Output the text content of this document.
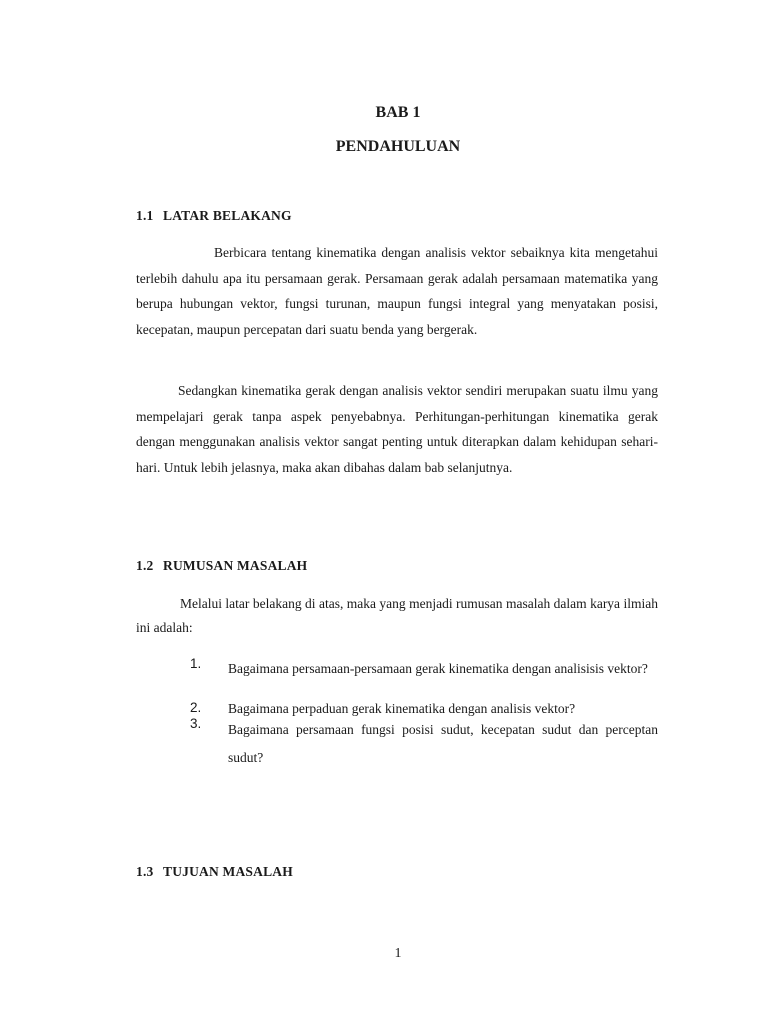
BAB 1
PENDAHULUAN
1.1 LATAR BELAKANG

Berbicara tentang kinematika dengan analisis vektor sebaiknya kita mengetahui terlebih dahulu apa itu persamaan gerak. Persamaan gerak adalah persamaan matematika yang berupa hubungan vektor, fungsi turunan, maupun fungsi integral yang menyatakan posisi, kecepatan, maupun percepatan dari suatu benda yang bergerak.

Sedangkan kinematika gerak dengan analisis vektor sendiri merupakan suatu ilmu yang mempelajari gerak tanpa aspek penyebabnya. Perhitungan-perhitungan kinematika gerak dengan menggunakan analisis vektor sangat penting untuk diterapkan dalam kehidupan sehari-hari. Untuk lebih jelasnya, maka akan dibahas dalam bab selanjutnya.

1.2 RUMUSAN MASALAH

Melalui latar belakang di atas, maka yang menjadi rumusan masalah dalam karya ilmiah ini adalah:

1. Bagaimana persamaan-persamaan gerak kinematika dengan analisisis vektor?

2. Bagaimana perpaduan gerak kinematika dengan analisis vektor?

3. Bagaimana persamaan fungsi posisi sudut, kecepatan sudut dan perceptan sudut?

1.3 TUJUAN MASALAH
1
